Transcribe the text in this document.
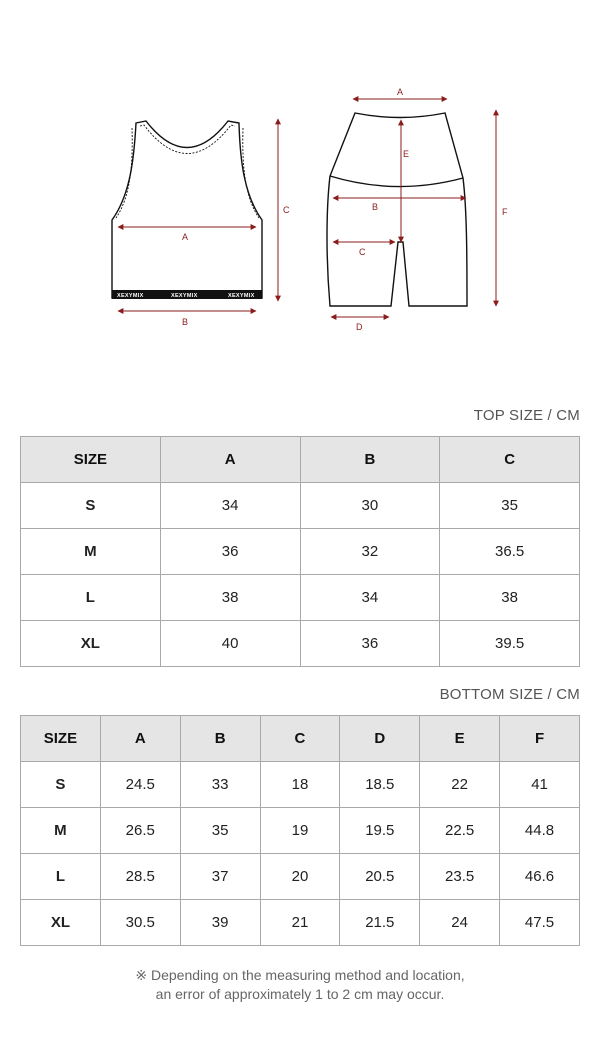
XEXYMIX	XEXYMIX	XEXYMIX
A
B
C
A
E
B
C
D
F
TOP SIZE / CM
SIZE	A	B	C
S	34	30	35
M	36	32	36.5
L	38	34	38
XL	40	36	39.5
BOTTOM SIZE / CM
SIZE	A	B	C	D	E	F
S	24.5	33	18	18.5	22	41
M	26.5	35	19	19.5	22.5	44.8
L	28.5	37	20	20.5	23.5	46.6
XL	30.5	39	21	21.5	24	47.5
※ Depending on the measuring method and location,
an error of approximately 1 to 2 cm may occur.
